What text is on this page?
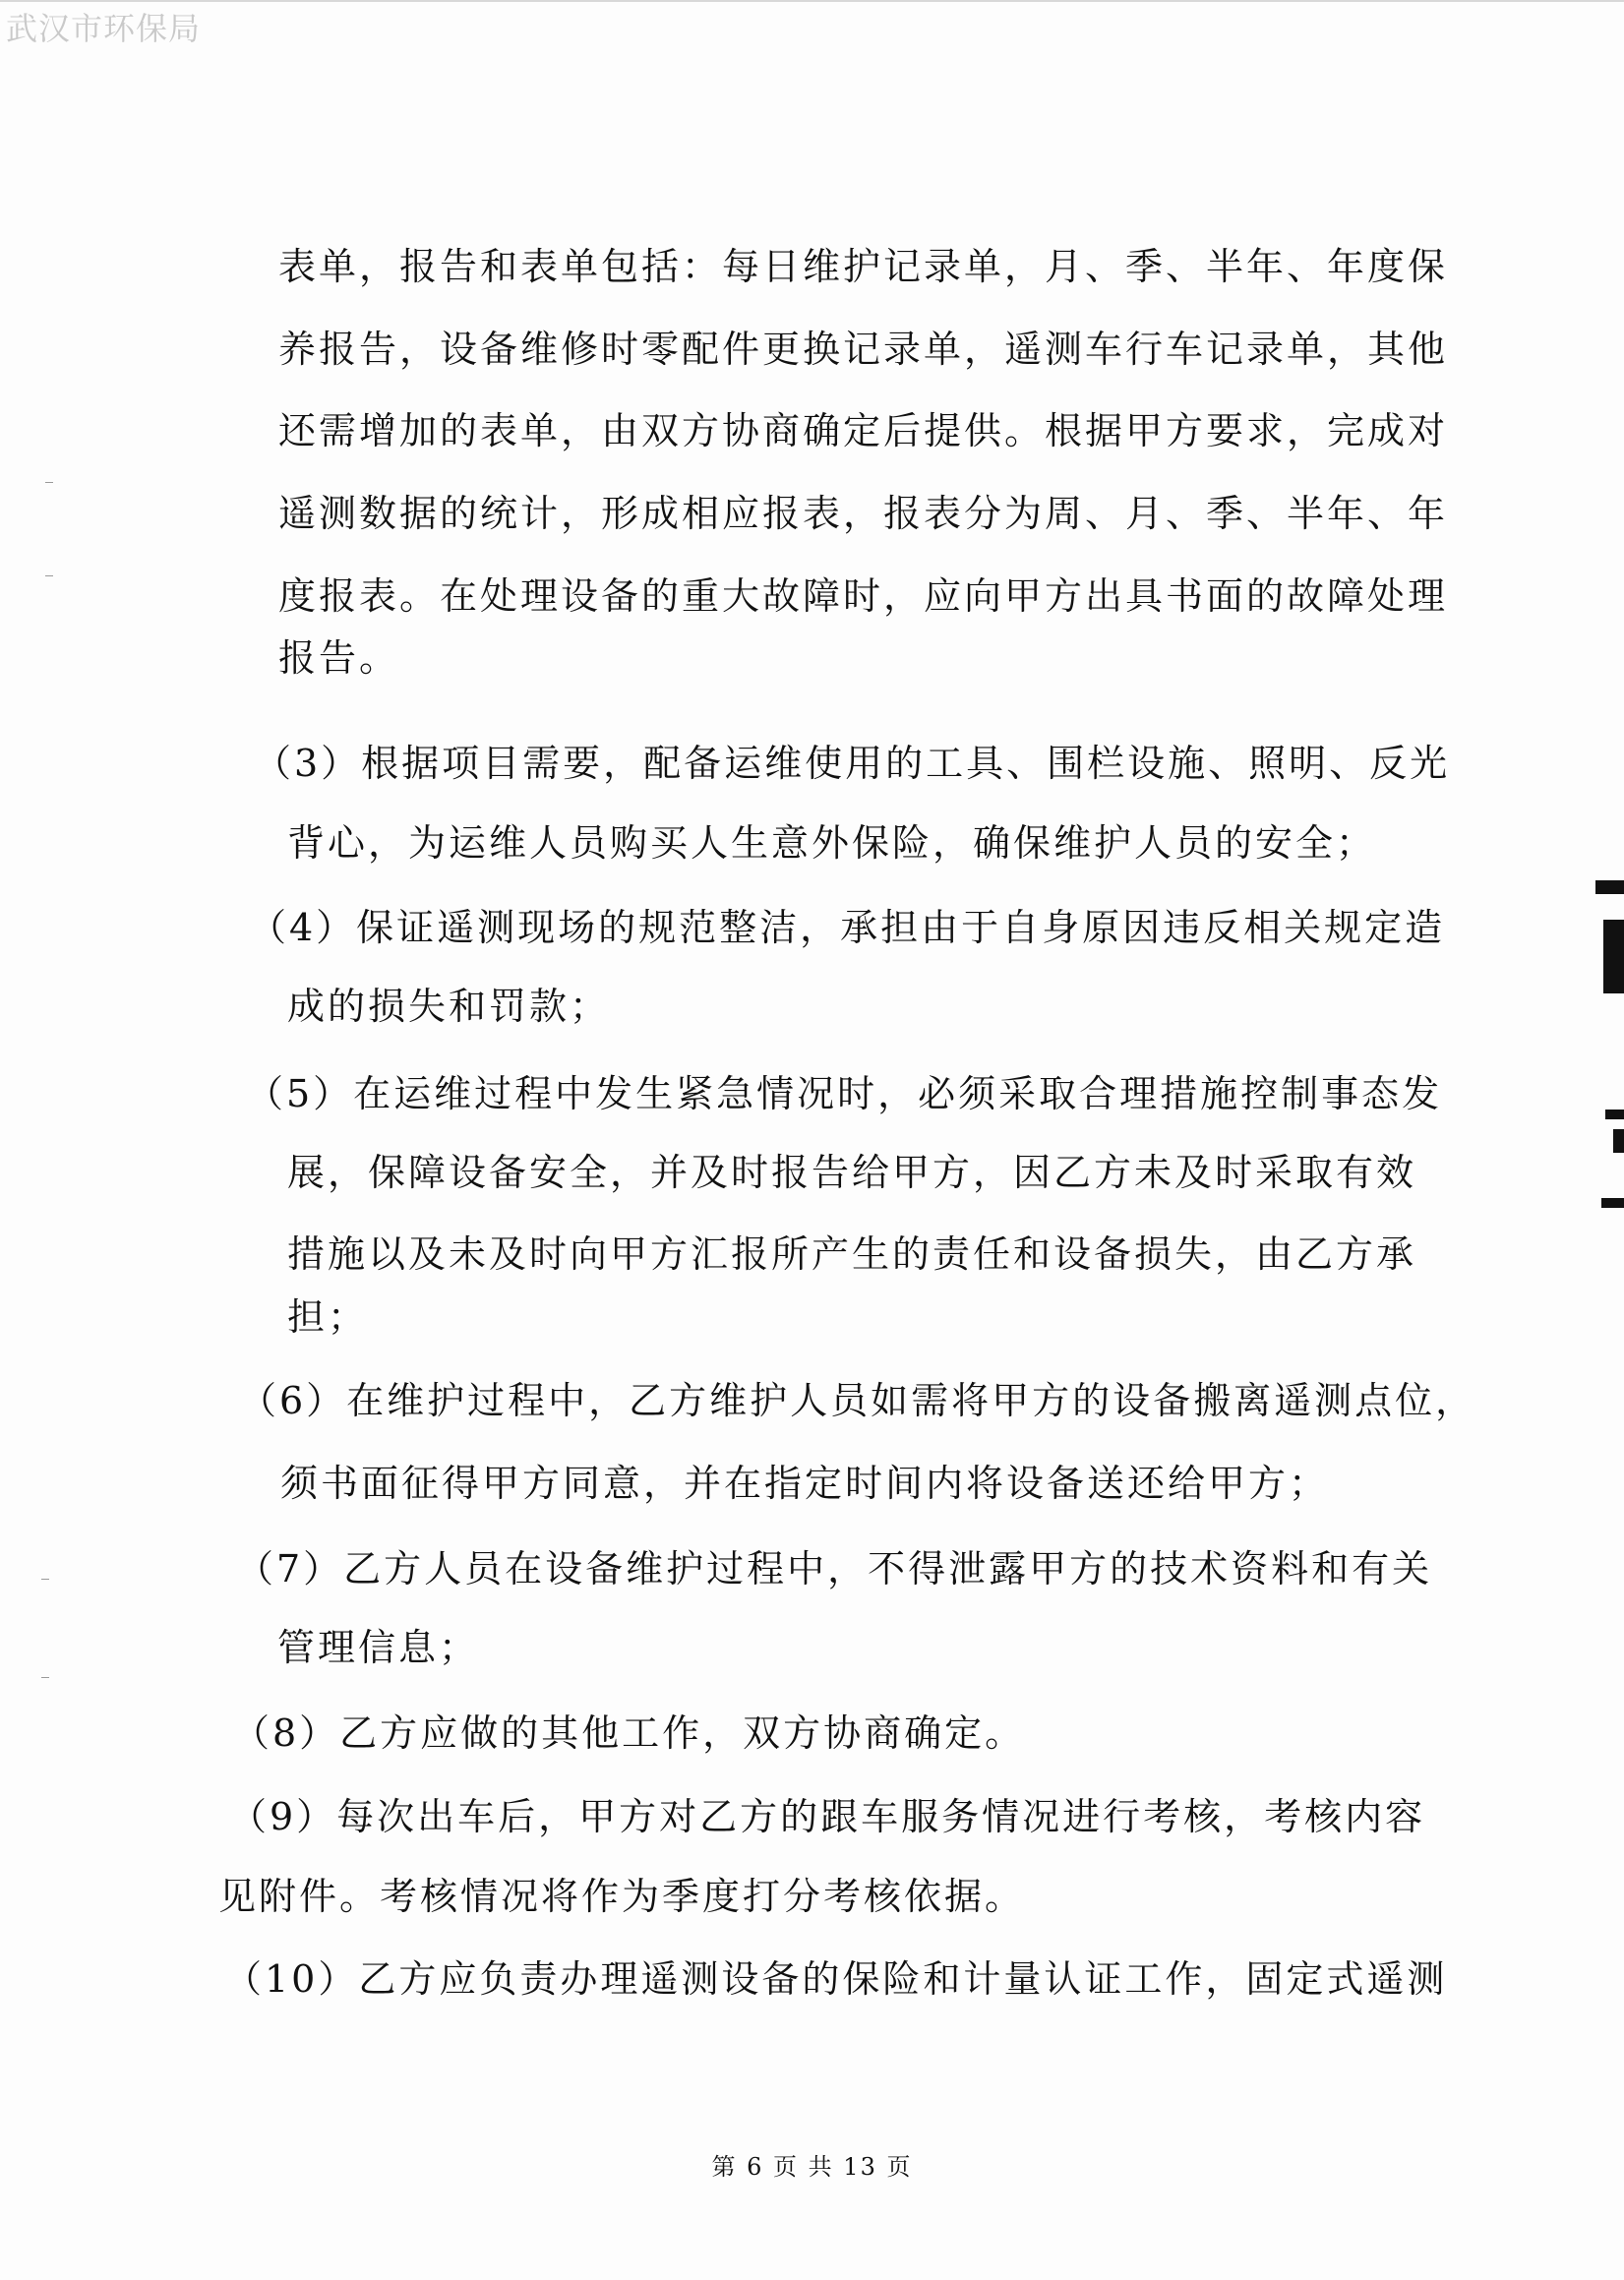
武汉市环保局
表单，报告和表单包括：每日维护记录单，月、季、半年、年度保
养报告，设备维修时零配件更换记录单，遥测车行车记录单，其他
还需增加的表单，由双方协商确定后提供。根据甲方要求，完成对
遥测数据的统计，形成相应报表，报表分为周、月、季、半年、年
度报表。在处理设备的重大故障时，应向甲方出具书面的故障处理
报告。
（3）根据项目需要，配备运维使用的工具、围栏设施、照明、反光
背心，为运维人员购买人生意外保险，确保维护人员的安全；
（4）保证遥测现场的规范整洁，承担由于自身原因违反相关规定造
成的损失和罚款；
（5）在运维过程中发生紧急情况时，必须采取合理措施控制事态发
展，保障设备安全，并及时报告给甲方，因乙方未及时采取有效
措施以及未及时向甲方汇报所产生的责任和设备损失，由乙方承
担；
（6）在维护过程中，乙方维护人员如需将甲方的设备搬离遥测点位，
须书面征得甲方同意，并在指定时间内将设备送还给甲方；
（7）乙方人员在设备维护过程中，不得泄露甲方的技术资料和有关
管理信息；
（8）乙方应做的其他工作，双方协商确定。
（9）每次出车后，甲方对乙方的跟车服务情况进行考核，考核内容
见附件。考核情况将作为季度打分考核依据。
（10）乙方应负责办理遥测设备的保险和计量认证工作，固定式遥测
第 6 页 共 13 页
